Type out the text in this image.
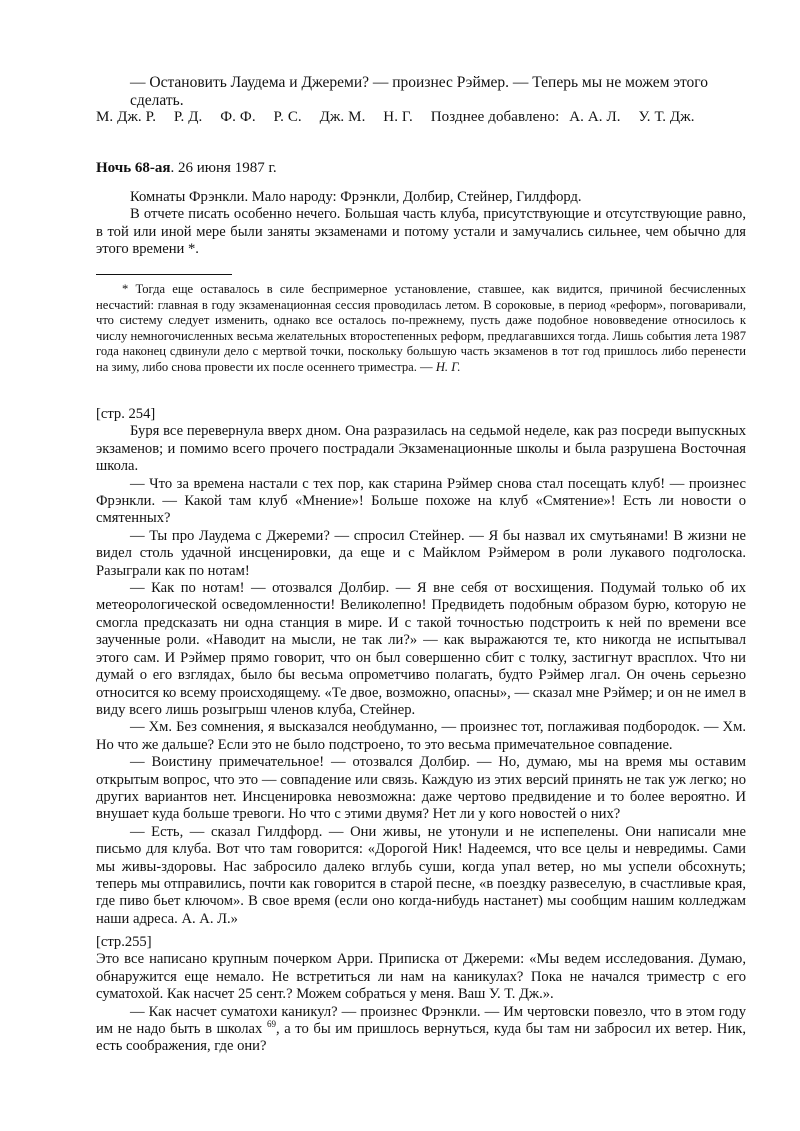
— Остановить Лаудема и Джереми? — произнес Рэймер. — Теперь мы не можем этого сделать.
М. Дж. Р. Р. Д. Ф. Ф. Р. С. Дж. М. Н. Г. Позднее добавлено: А. А. Л. У. Т. Дж.
Ночь 68-ая. 26 июня 1987 г.

Комнаты Фрэнкли. Мало народу: Фрэнкли, Долбир, Стейнер, Гилдфорд.

В отчете писать особенно нечего. Большая часть клуба, присутствующие и отсутствующие равно, в той или иной мере были заняты экзаменами и потому устали и замучались сильнее, чем обычно для этого времени *.

* Тогда еще оставалось в силе беспримерное установление, ставшее, как видится, причиной бесчисленных несчастий: главная в году экзаменационная сессия проводилась летом. В сороковые, в период «реформ», поговаривали, что систему следует изменить, однако все осталось по-прежнему, пусть даже подобное нововведение относилось к числу немногочисленных весьма желательных второстепенных реформ, предлагавшихся тогда. Лишь события лета 1987 года наконец сдвинули дело с мертвой точки, поскольку большую часть экзаменов в тот год пришлось либо перенести на зиму, либо снова провести их после осеннего триместра. — Н. Г.

[стр. 254]

Буря все перевернула вверх дном. Она разразилась на седьмой неделе, как раз посреди выпускных экзаменов; и помимо всего прочего пострадали Экзаменационные школы и была разрушена Восточная школа.

— Что за времена настали с тех пор, как старина Рэймер снова стал посещать клуб! — произнес Фрэнкли. — Какой там клуб «Мнение»! Больше похоже на клуб «Смятение»! Есть ли новости о смятенных?

— Ты про Лаудема с Джереми? — спросил Стейнер. — Я бы назвал их смутьянами! В жизни не видел столь удачной инсценировки, да еще и с Майклом Рэймером в роли лукавого подголоска. Разыграли как по нотам!

— Как по нотам! — отозвался Долбир. — Я вне себя от восхищения. Подумай только об их метеорологической осведомленности! Великолепно! Предвидеть подобным образом бурю, которую не смогла предсказать ни одна станция в мире. И с такой точностью подстроить к ней по времени все заученные роли. «Наводит на мысли, не так ли?» — как выражаются те, кто никогда не испытывал этого сам. И Рэймер прямо говорит, что он был совершенно сбит с толку, застигнут врасплох. Что ни думай о его взглядах, было бы весьма опрометчиво полагать, будто Рэймер лгал. Он очень серьезно относится ко всему происходящему. «Те двое, возможно, опасны», — сказал мне Рэймер; и он не имел в виду всего лишь розыгрыш членов клуба, Стейнер.

— Хм. Без сомнения, я высказался необдуманно, — произнес тот, поглаживая подбородок. — Хм. Но что же дальше? Если это не было подстроено, то это весьма примечательное совпадение.

— Воистину примечательное! — отозвался Долбир. — Но, думаю, мы на время мы оставим открытым вопрос, что это — совпадение или связь. Каждую из этих версий принять не так уж легко; но других вариантов нет. Инсценировка невозможна: даже чертово предвидение и то более вероятно. И внушает куда больше тревоги. Но что с этими двумя? Нет ли у кого новостей о них?

— Есть, — сказал Гилдфорд. — Они живы, не утонули и не испепелены. Они написали мне письмо для клуба. Вот что там говорится: «Дорогой Ник! Надеемся, что все целы и невредимы. Сами мы живы-здоровы. Нас забросило далеко вглубь суши, когда упал ветер, но мы успели обсохнуть; теперь мы отправились, почти как говорится в старой песне, «в поездку развеселую, в счастливые края, где пиво бьет ключом». В свое время (если оно когда-нибудь настанет) мы сообщим нашим колледжам наши адреса. А. А. Л.»

[стр.255]

Это все написано крупным почерком Арри. Приписка от Джереми: «Мы ведем исследования. Думаю, обнаружится еще немало. Не встретиться ли нам на каникулах? Пока не начался триместр с его суматохой. Как насчет 25 сент.? Можем собраться у меня. Ваш У. Т. Дж.».

— Как насчет суматохи каникул? — произнес Фрэнкли. — Им чертовски повезло, что в этом году им не надо быть в школах $^{69}$, а то бы им пришлось вернуться, куда бы там ни забросил их ветер. Ник, есть соображения, где они?
